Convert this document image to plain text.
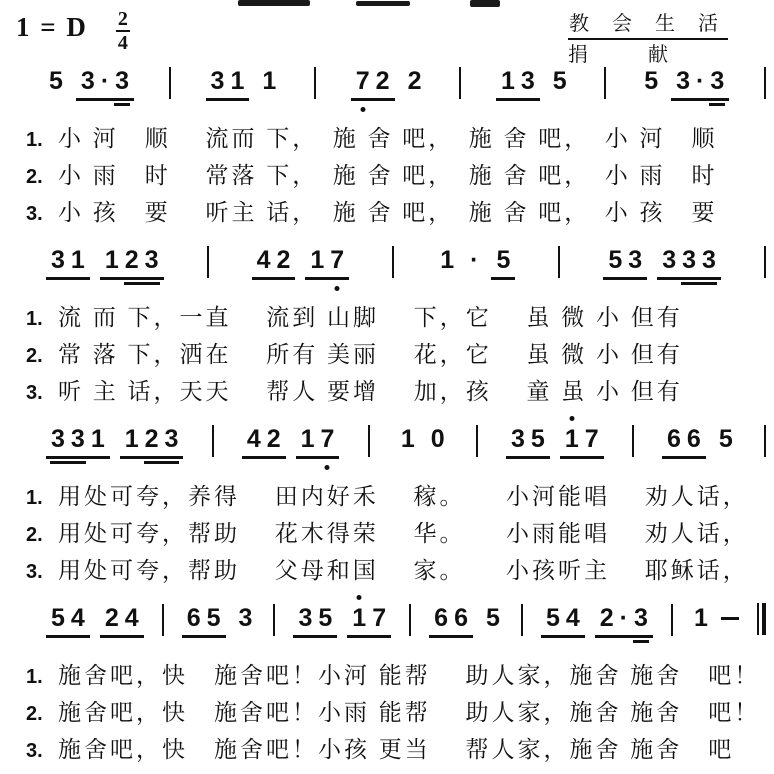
1 = D 2
4
教 会 生 活
捐　　　献
5 3 · 3	3 1 1	7 2 2	1 3 5	5 3 · 3
1. 小 河　顺　 流而 下，　施 舍 吧，　施 舍 吧，　小 河　顺
2. 小 雨　时　 常落 下，　施 舍 吧，　施 舍 吧，　小 雨　时
3. 小 孩　要　 听主 话，　施 舍 吧，　施 舍 吧，　小 孩　要
3 1 1 2 3	4 2 1 7	1 · 5	5 3 3 3 3
1. 流 而 下，一直　 流到 山脚　 下，它　 虽 微 小 但有
2. 常 落 下，洒在　 所有 美丽　 花，它　 虽 微 小 但有
3. 听 主 话，天天　 帮人 要增　 加，孩　 童 虽 小 但有
3 3 1 1 2 3	4 2 1 7	1 0	3 5 1 7	6 6 5
1. 用处可夸，养得　 田内好禾　 稼。　　小河能唱　 劝人话，
2. 用处可夸，帮助　 花木得荣　 华。　　小雨能唱　 劝人话，
3. 用处可夸，帮助　 父母和国　 家。　　小孩听主　 耶稣话，
5 4 2 4 6 5 3 3 5 1 7 6 6 5 5 4 2 · 3 1
1. 施舍吧，快　施舍吧！小河 能帮　 助人家，施舍 施舍　吧！
2. 施舍吧，快　施舍吧！小雨 能帮　 助人家，施舍 施舍　吧！
3. 施舍吧，快　施舍吧！小孩 更当　 帮人家，施舍 施舍　吧
